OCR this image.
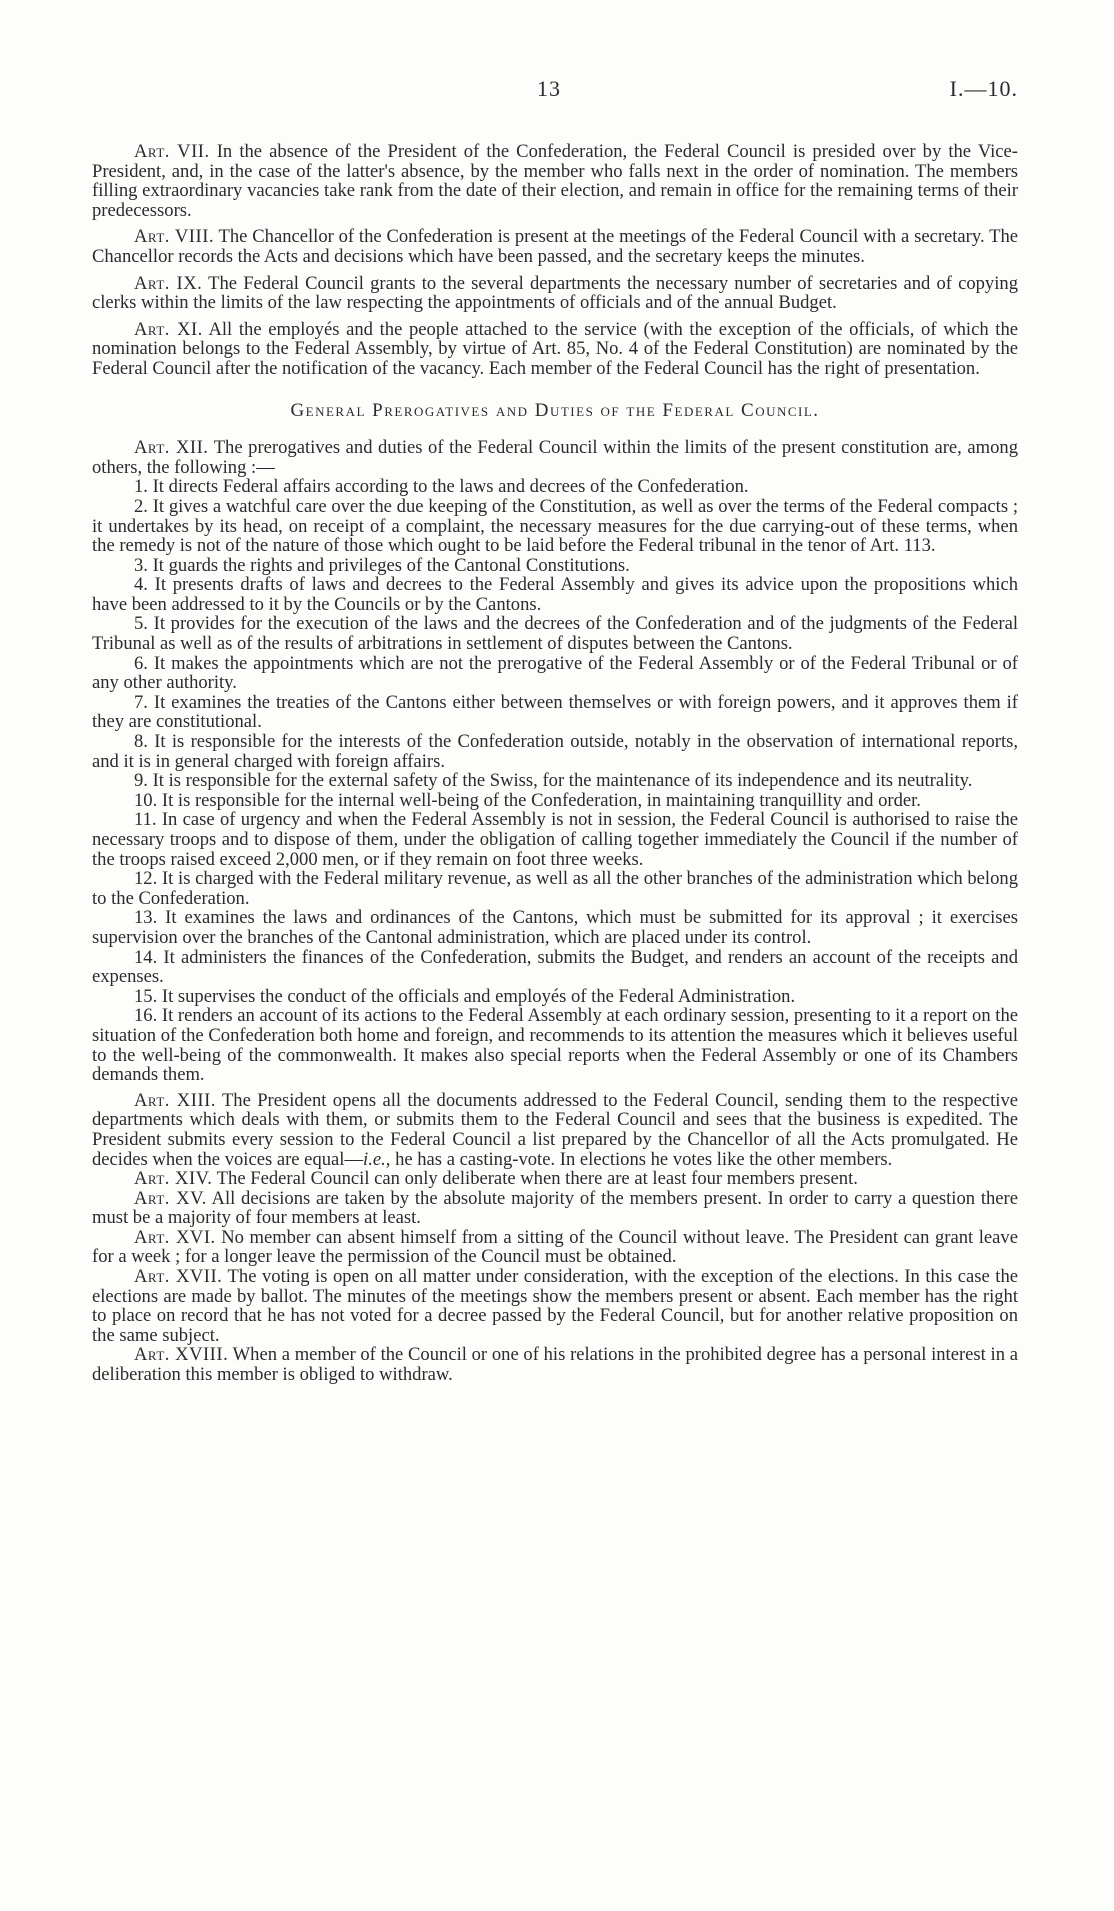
13	I.—10.

Art. VII. In the absence of the President of the Confederation, the Federal Council is presided over by the Vice-President, and, in the case of the latter's absence, by the member who falls next in the order of nomination. The members filling extraordinary vacancies take rank from the date of their election, and remain in office for the remaining terms of their predecessors.

Art. VIII. The Chancellor of the Confederation is present at the meetings of the Federal Council with a secretary. The Chancellor records the Acts and decisions which have been passed, and the secretary keeps the minutes.

Art. IX. The Federal Council grants to the several departments the necessary number of secretaries and of copying clerks within the limits of the law respecting the appointments of officials and of the annual Budget.

Art. XI. All the employés and the people attached to the service (with the exception of the officials, of which the nomination belongs to the Federal Assembly, by virtue of Art. 85, No. 4 of the Federal Constitution) are nominated by the Federal Council after the notification of the vacancy. Each member of the Federal Council has the right of presentation.

General Prerogatives and Duties of the Federal Council.

Art. XII. The prerogatives and duties of the Federal Council within the limits of the present constitution are, among others, the following :—

1. It directs Federal affairs according to the laws and decrees of the Confederation.

2. It gives a watchful care over the due keeping of the Constitution, as well as over the terms of the Federal compacts ; it undertakes by its head, on receipt of a complaint, the necessary measures for the due carrying-out of these terms, when the remedy is not of the nature of those which ought to be laid before the Federal tribunal in the tenor of Art. 113.

3. It guards the rights and privileges of the Cantonal Constitutions.

4. It presents drafts of laws and decrees to the Federal Assembly and gives its advice upon the propositions which have been addressed to it by the Councils or by the Cantons.

5. It provides for the execution of the laws and the decrees of the Confederation and of the judgments of the Federal Tribunal as well as of the results of arbitrations in settlement of disputes between the Cantons.

6. It makes the appointments which are not the prerogative of the Federal Assembly or of the Federal Tribunal or of any other authority.

7. It examines the treaties of the Cantons either between themselves or with foreign powers, and it approves them if they are constitutional.

8. It is responsible for the interests of the Confederation outside, notably in the observation of international reports, and it is in general charged with foreign affairs.

9. It is responsible for the external safety of the Swiss, for the maintenance of its independence and its neutrality.

10. It is responsible for the internal well-being of the Confederation, in maintaining tranquillity and order.

11. In case of urgency and when the Federal Assembly is not in session, the Federal Council is authorised to raise the necessary troops and to dispose of them, under the obligation of calling together immediately the Council if the number of the troops raised exceed 2,000 men, or if they remain on foot three weeks.

12. It is charged with the Federal military revenue, as well as all the other branches of the administration which belong to the Confederation.

13. It examines the laws and ordinances of the Cantons, which must be submitted for its approval ; it exercises supervision over the branches of the Cantonal administration, which are placed under its control.

14. It administers the finances of the Confederation, submits the Budget, and renders an account of the receipts and expenses.

15. It supervises the conduct of the officials and employés of the Federal Administration.

16. It renders an account of its actions to the Federal Assembly at each ordinary session, presenting to it a report on the situation of the Confederation both home and foreign, and recommends to its attention the measures which it believes useful to the well-being of the commonwealth. It makes also special reports when the Federal Assembly or one of its Chambers demands them.

Art. XIII. The President opens all the documents addressed to the Federal Council, sending them to the respective departments which deals with them, or submits them to the Federal Council and sees that the business is expedited. The President submits every session to the Federal Council a list prepared by the Chancellor of all the Acts promulgated. He decides when the voices are equal—i.e., he has a casting-vote. In elections he votes like the other members.

Art. XIV. The Federal Council can only deliberate when there are at least four members present.

Art. XV. All decisions are taken by the absolute majority of the members present. In order to carry a question there must be a majority of four members at least.

Art. XVI. No member can absent himself from a sitting of the Council without leave. The President can grant leave for a week ; for a longer leave the permission of the Council must be obtained.

Art. XVII. The voting is open on all matter under consideration, with the exception of the elections. In this case the elections are made by ballot. The minutes of the meetings show the members present or absent. Each member has the right to place on record that he has not voted for a decree passed by the Federal Council, but for another relative proposition on the same subject.

Art. XVIII. When a member of the Council or one of his relations in the prohibited degree has a personal interest in a deliberation this member is obliged to withdraw.
